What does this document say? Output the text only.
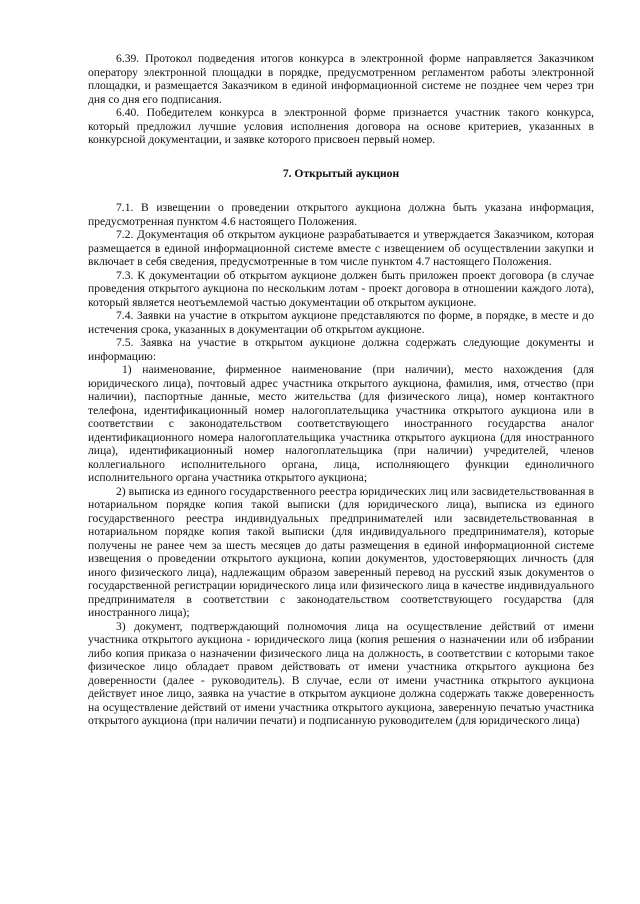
6.39. Протокол подведения итогов конкурса в электронной форме направляется Заказчиком оператору электронной площадки в порядке, предусмотренном регламентом работы электронной площадки, и размещается Заказчиком в единой информационной системе не позднее чем через три дня со дня его подписания.

6.40. Победителем конкурса в электронной форме признается участник такого конкурса, который предложил лучшие условия исполнения договора на основе критериев, указанных в конкурсной документации, и заявке которого присвоен первый номер.

7. Открытый аукцион

7.1. В извещении о проведении открытого аукциона должна быть указана информация, предусмотренная пунктом 4.6 настоящего Положения.

7.2. Документация об открытом аукционе разрабатывается и утверждается Заказчиком, которая размещается в единой информационной системе вместе с извещением об осуществлении закупки и включает в себя сведения, предусмотренные в том числе пунктом 4.7 настоящего Положения.

7.3. К документации об открытом аукционе должен быть приложен проект договора (в случае проведения открытого аукциона по нескольким лотам - проект договора в отношении каждого лота), который является неотъемлемой частью документации об открытом аукционе.

7.4. Заявки на участие в открытом аукционе представляются по форме, в порядке, в месте и до истечения срока, указанных в документации об открытом аукционе.

7.5. Заявка на участие в открытом аукционе должна содержать следующие документы и информацию:

1) наименование, фирменное наименование (при наличии), место нахождения (для юридического лица), почтовый адрес участника открытого аукциона, фамилия, имя, отчество (при наличии), паспортные данные, место жительства (для физического лица), номер контактного телефона, идентификационный номер налогоплательщика участника открытого аукциона или в соответствии с законодательством соответствующего иностранного государства аналог идентификационного номера налогоплательщика участника открытого аукциона (для иностранного лица), идентификационный номер налогоплательщика (при наличии) учредителей, членов коллегиального исполнительного органа, лица, исполняющего функции единоличного исполнительного органа участника открытого аукциона;

2) выписка из единого государственного реестра юридических лиц или засвидетельствованная в нотариальном порядке копия такой выписки (для юридического лица), выписка из единого государственного реестра индивидуальных предпринимателей или засвидетельствованная в нотариальном порядке копия такой выписки (для индивидуального предпринимателя), которые получены не ранее чем за шесть месяцев до даты размещения в единой информационной системе извещения о проведении открытого аукциона, копии документов, удостоверяющих личность (для иного физического лица), надлежащим образом заверенный перевод на русский язык документов о государственной регистрации юридического лица или физического лица в качестве индивидуального предпринимателя в соответствии с законодательством соответствующего государства (для иностранного лица);

3) документ, подтверждающий полномочия лица на осуществление действий от имени участника открытого аукциона - юридического лица (копия решения о назначении или об избрании либо копия приказа о назначении физического лица на должность, в соответствии с которыми такое физическое лицо обладает правом действовать от имени участника открытого аукциона без доверенности (далее - руководитель). В случае, если от имени участника открытого аукциона действует иное лицо, заявка на участие в открытом аукционе должна содержать также доверенность на осуществление действий от имени участника открытого аукциона, заверенную печатью участника открытого аукциона (при наличии печати) и подписанную руководителем (для юридического лица)
